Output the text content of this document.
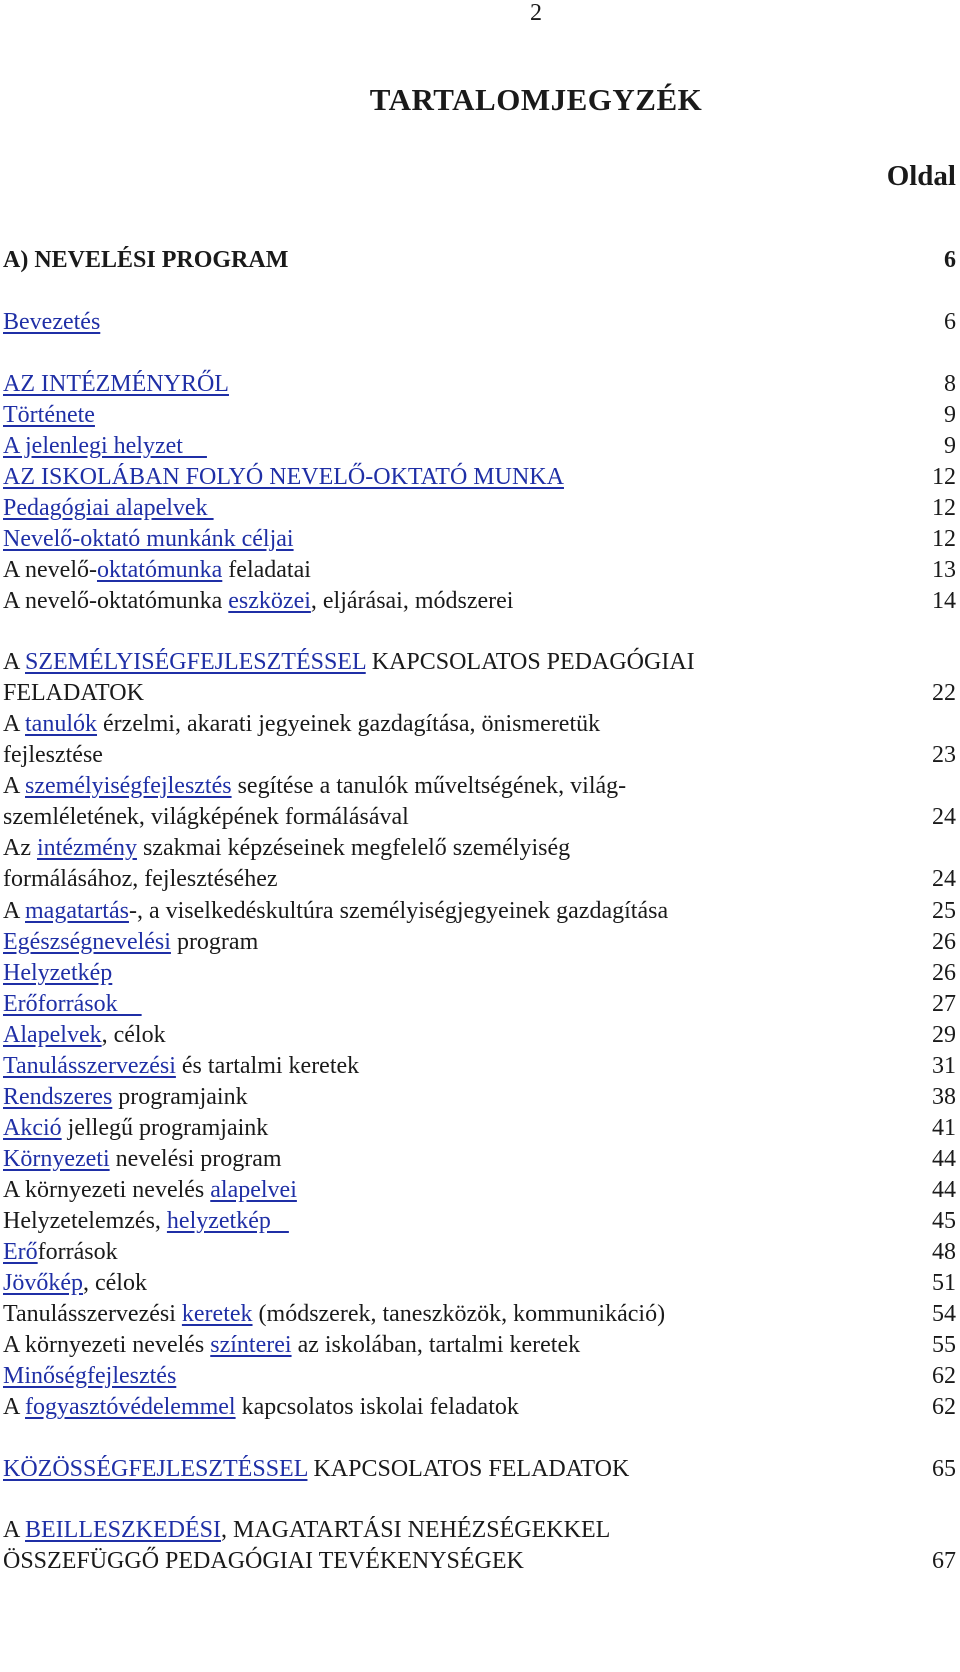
2
TARTALOMJEGYZÉK
Oldal
A) NEVELÉSI PROGRAM	6
Bevezetés	6
AZ INTÉZMÉNYRŐL	8
Története	9
A jelenlegi helyzet	9
AZ ISKOLÁBAN FOLYÓ NEVELŐ-OKTATÓ MUNKA	12
Pedagógiai alapelvek	12
Nevelő-oktató munkánk céljai	12
A nevelő-oktatómunka feladatai	13
A nevelő-oktatómunka eszközei, eljárásai, módszerei	14
A SZEMÉLYISÉGFEJLESZTÉSSEL KAPCSOLATOS PEDAGÓGIAI
FELADATOK	22
A tanulók érzelmi, akarati jegyeinek gazdagítása, önismeretük
fejlesztése	23
A személyiségfejlesztés segítése a tanulók műveltségének, világ-
szemléletének, világképének formálásával	24
Az intézmény szakmai képzéseinek megfelelő személyiség
formálásához, fejlesztéséhez	24
A magatartás-, a viselkedéskultúra személyiségjegyeinek gazdagítása	25
Egészségnevelési program	26
Helyzetkép	26
Erőforrások	27
Alapelvek, célok	29
Tanulásszervezési és tartalmi keretek	31
Rendszeres programjaink	38
Akció jellegű programjaink	41
Környezeti nevelési program	44
A környezeti nevelés alapelvei	44
Helyzetelemzés, helyzetkép	45
Erőforrások	48
Jövőkép, célok	51
Tanulásszervezési keretek (módszerek, taneszközök, kommunikáció)	54
A környezeti nevelés színterei az iskolában, tartalmi keretek	55
Minőségfejlesztés	62
A fogyasztóvédelemmel kapcsolatos iskolai feladatok	62
KÖZÖSSÉGFEJLESZTÉSSEL KAPCSOLATOS FELADATOK	65
A BEILLESZKEDÉSI, MAGATARTÁSI NEHÉZSÉGEKKEL
ÖSSZEFÜGGŐ PEDAGÓGIAI TEVÉKENYSÉGEK	67
